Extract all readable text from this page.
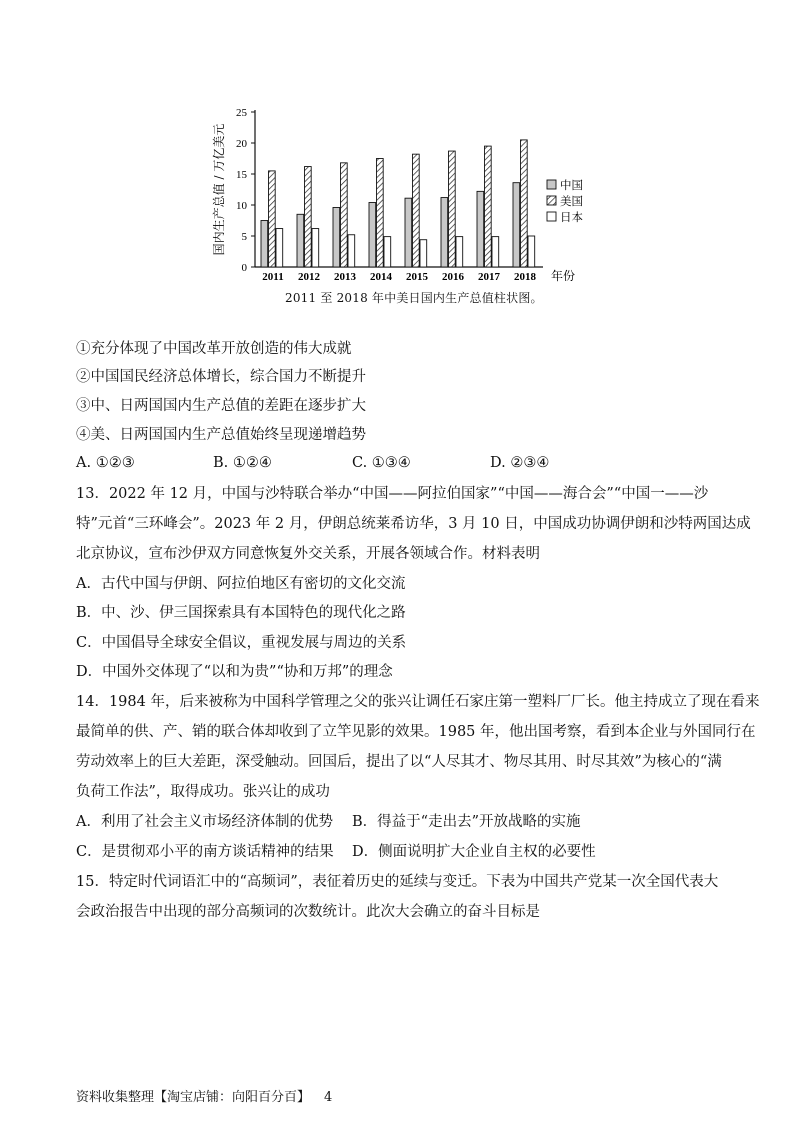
0
5
10
15
20
25
国内生产总值 / 万亿美元
2011 2012 2013 2014 2015 2016 2017 2018 年份
中国
美国
日本
2011 至 2018 年中美日国内生产总值柱状图。
①充分体现了中国改革开放创造的伟大成就
②中国国民经济总体增长，综合国力不断提升
③中、日两国国内生产总值的差距在逐步扩大
④美、日两国国内生产总值始终呈现递增趋势
A. ①②③	B. ①②④	C. ①③④	D. ②③④
13．2022 年 12 月，中国与沙特联合举办“中国——阿拉伯国家”“中国——海合会”“中国一——沙
特”元首“三环峰会”。2023 年 2 月，伊朗总统莱希访华，3 月 10 日，中国成功协调伊朗和沙特两国达成
北京协议，宣布沙伊双方同意恢复外交关系，开展各领域合作。材料表明
A．古代中国与伊朗、阿拉伯地区有密切的文化交流
B．中、沙、伊三国探索具有本国特色的现代化之路
C．中国倡导全球安全倡议，重视发展与周边的关系
D．中国外交体现了“以和为贵”“协和万邦”的理念
14．1984 年，后来被称为中国科学管理之父的张兴让调任石家庄第一塑料厂厂长。他主持成立了现在看来
最简单的供、产、销的联合体却收到了立竿见影的效果。1985 年，他出国考察，看到本企业与外国同行在
劳动效率上的巨大差距，深受触动。回国后，提出了以“人尽其才、物尽其用、时尽其效”为核心的“满
负荷工作法”，取得成功。张兴让的成功
A．利用了社会主义市场经济体制的优势 B．得益于“走出去”开放战略的实施
C．是贯彻邓小平的南方谈话精神的结果 D．侧面说明扩大企业自主权的必要性
15．特定时代词语汇中的“高频词”，表征着历史的延续与变迁。下表为中国共产党某一次全国代表大
会政治报告中出现的部分高频词的次数统计。此次大会确立的奋斗目标是
资料收集整理【淘宝店铺：向阳百分百】 4
